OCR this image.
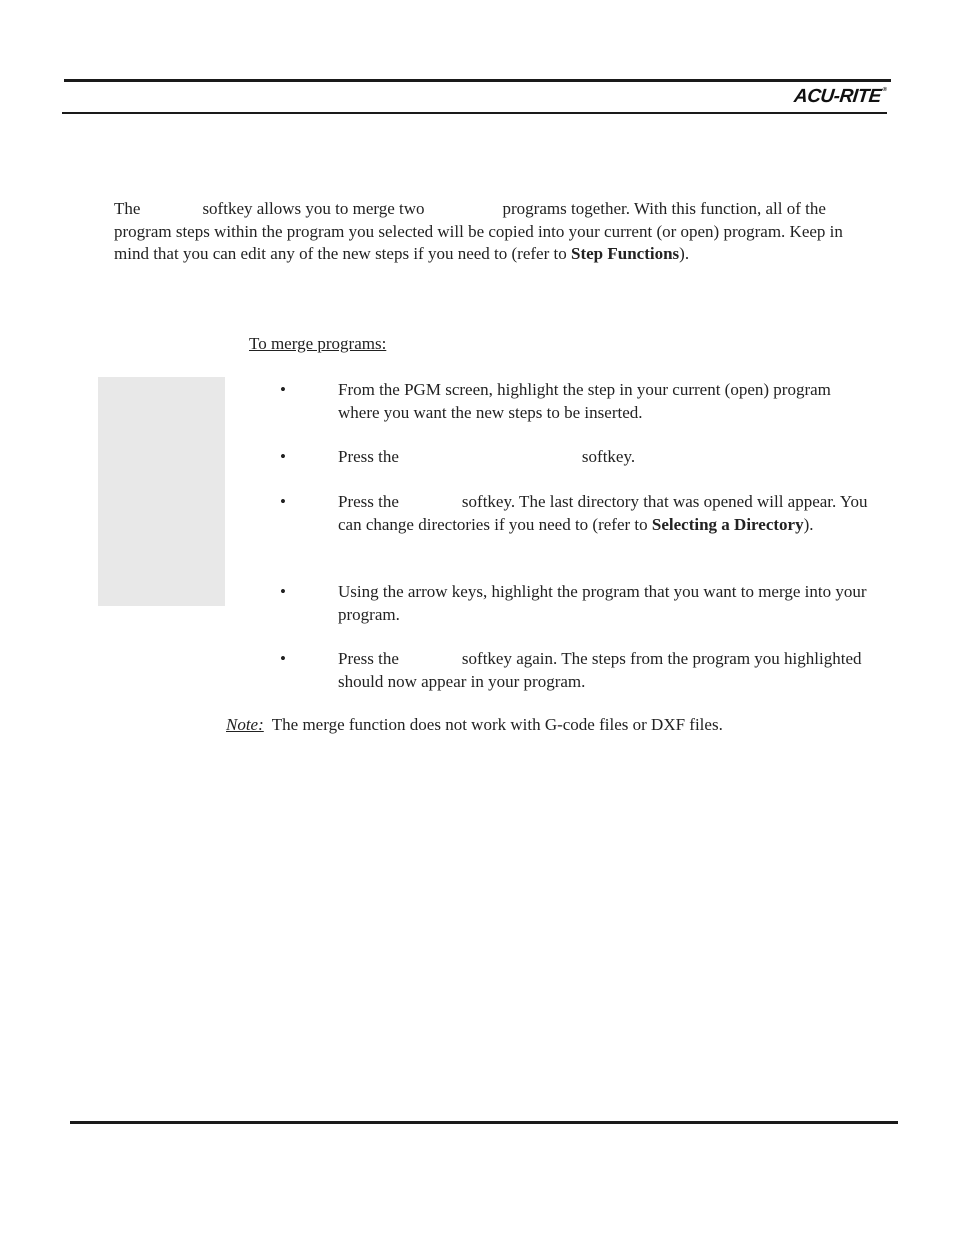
ACU-RITE®

The	softkey allows you to merge two	programs together. With this function, all of the program steps within the program you selected will be copied into your current (or open) program. Keep in mind that you can edit any of the new steps if you need to (refer to Step Functions).

To merge programs:

•	From the PGM screen, highlight the step in your current (open) program where you want the new steps to be inserted.
•	Press the	softkey.
•	Press the	softkey. The last directory that was opened will appear. You can change directories if you need to (refer to Selecting a Directory).
•	Using the arrow keys, highlight the program that you want to merge into your program.
•	Press the	softkey again. The steps from the program you highlighted should now appear in your program.

Note: The merge function does not work with G-code files or DXF files.
